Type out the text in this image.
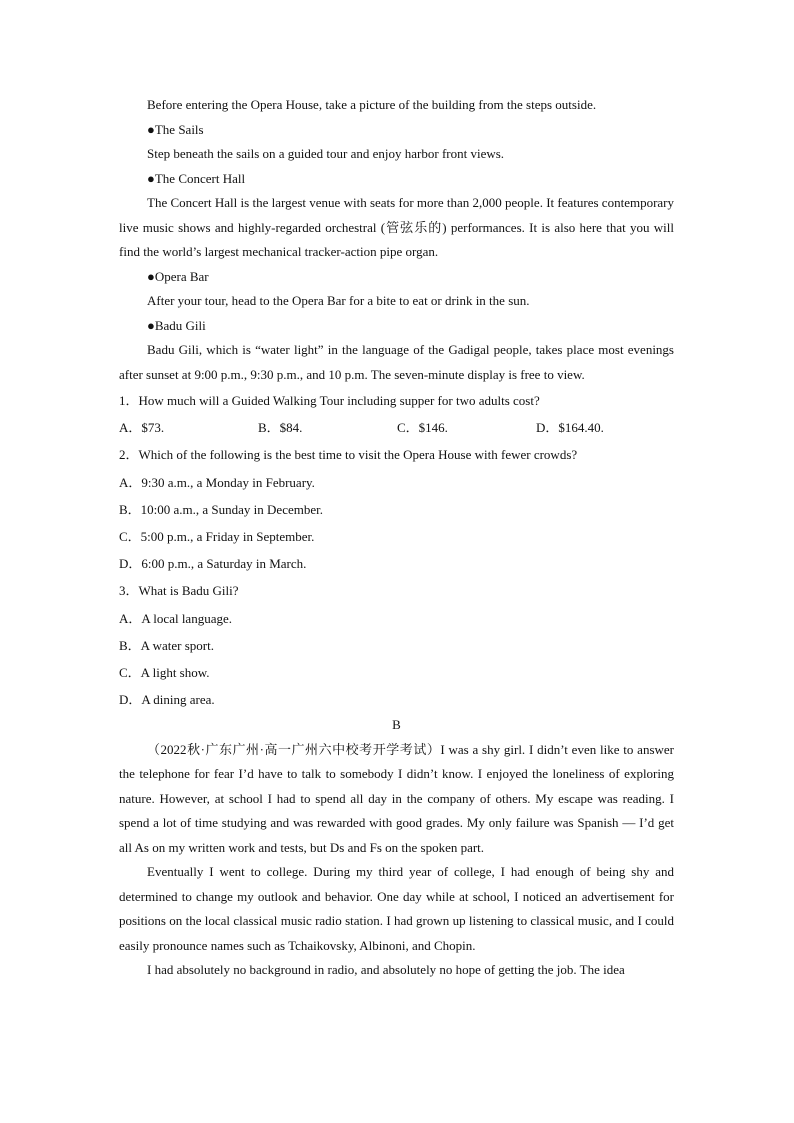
Before entering the Opera House, take a picture of the building from the steps outside.

●The Sails

Step beneath the sails on a guided tour and enjoy harbor front views.

●The Concert Hall

The Concert Hall is the largest venue with seats for more than 2,000 people. It features contemporary live music shows and highly-regarded orchestral (管弦乐的) performances. It is also here that you will find the world’s largest mechanical tracker-action pipe organ.

●Opera Bar

After your tour, head to the Opera Bar for a bite to eat or drink in the sun.

●Badu Gili

Badu Gili, which is “water light” in the language of the Gadigal people, takes place most evenings after sunset at 9:00 p.m., 9:30 p.m., and 10 p.m. The seven-minute display is free to view.

1．How much will a Guided Walking Tour including supper for two adults cost?

A．$73.	B．$84.	C．$146.	D．$164.40.

2．Which of the following is the best time to visit the Opera House with fewer crowds?

A．9:30 a.m., a Monday in February.

B．10:00 a.m., a Sunday in December.

C．5:00 p.m., a Friday in September.

D．6:00 p.m., a Saturday in March.

3．What is Badu Gili?

A．A local language.

B．A water sport.

C．A light show.

D．A dining area.

B

（2022秋·广东广州·高一广州六中校考开学考试）I was a shy girl. I didn’t even like to answer the telephone for fear I’d have to talk to somebody I didn’t know. I enjoyed the loneliness of exploring nature. However, at school I had to spend all day in the company of others. My escape was reading. I spend a lot of time studying and was rewarded with good grades. My only failure was Spanish — I’d get all As on my written work and tests, but Ds and Fs on the spoken part.

Eventually I went to college. During my third year of college, I had enough of being shy and determined to change my outlook and behavior. One day while at school, I noticed an advertisement for positions on the local classical music radio station. I had grown up listening to classical music, and I could easily pronounce names such as Tchaikovsky, Albinoni, and Chopin.

I had absolutely no background in radio, and absolutely no hope of getting the job. The idea
